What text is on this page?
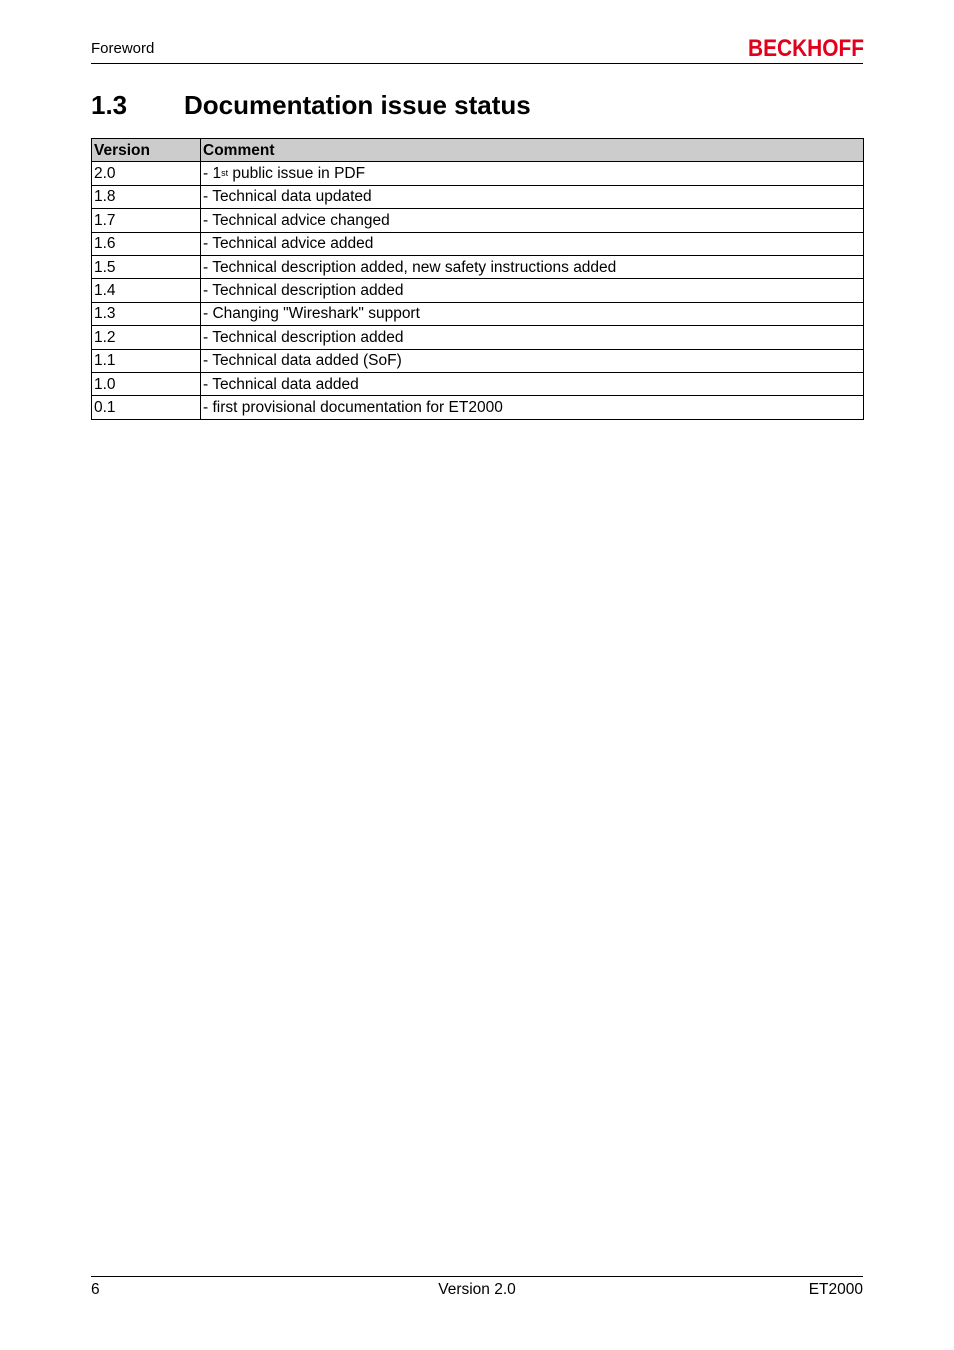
Foreword	BECKHOFF
1.3 Documentation issue status
Version	Comment
2.0	- 1st public issue in PDF
1.8	- Technical data updated
1.7	- Technical advice changed
1.6	- Technical advice added
1.5	- Technical description added, new safety instructions added
1.4	- Technical description added
1.3	- Changing "Wireshark" support
1.2	- Technical description added
1.1	- Technical data added (SoF)
1.0	- Technical data added
0.1	- first provisional documentation for ET2000
6	Version 2.0	ET2000
